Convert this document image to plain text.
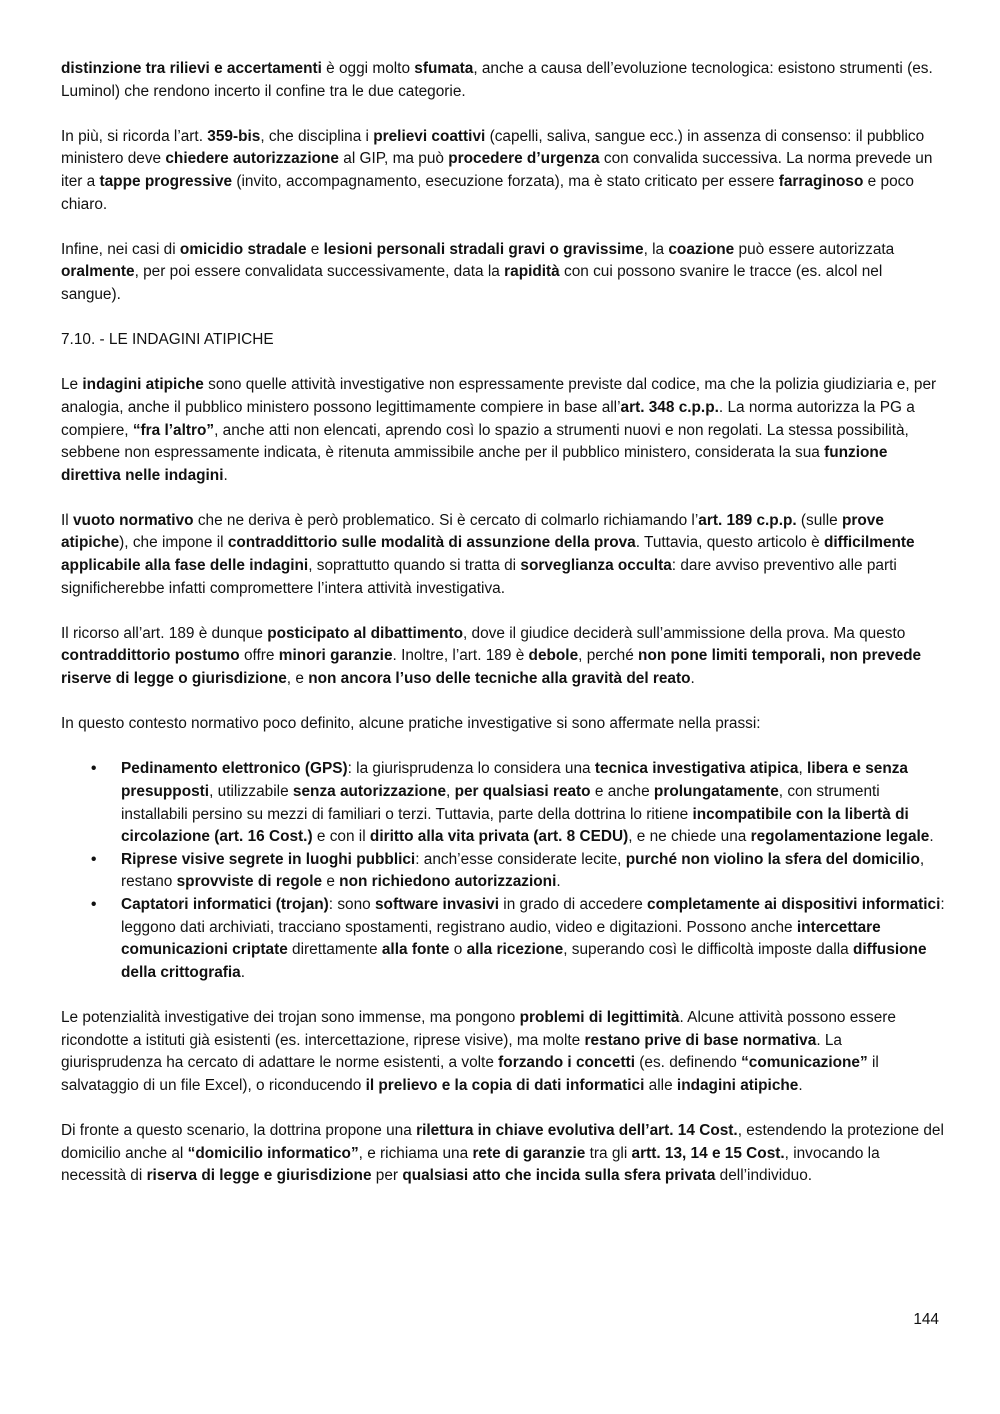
distinzione tra rilievi e accertamenti è oggi molto sfumata, anche a causa dell’evoluzione tecnologica: esistono strumenti (es. Luminol) che rendono incerto il confine tra le due categorie.

In più, si ricorda l’art. 359-bis, che disciplina i prelievi coattivi (capelli, saliva, sangue ecc.) in assenza di consenso: il pubblico ministero deve chiedere autorizzazione al GIP, ma può procedere d’urgenza con convalida successiva. La norma prevede un iter a tappe progressive (invito, accompagnamento, esecuzione forzata), ma è stato criticato per essere farraginoso e poco chiaro.

Infine, nei casi di omicidio stradale e lesioni personali stradali gravi o gravissime, la coazione può essere autorizzata oralmente, per poi essere convalidata successivamente, data la rapidità con cui possono svanire le tracce (es. alcol nel sangue).

7.10. - LE INDAGINI ATIPICHE

Le indagini atipiche sono quelle attività investigative non espressamente previste dal codice, ma che la polizia giudiziaria e, per analogia, anche il pubblico ministero possono legittimamente compiere in base all’art. 348 c.p.p.. La norma autorizza la PG a compiere, “fra l’altro”, anche atti non elencati, aprendo così lo spazio a strumenti nuovi e non regolati. La stessa possibilità, sebbene non espressamente indicata, è ritenuta ammissibile anche per il pubblico ministero, considerata la sua funzione direttiva nelle indagini.

Il vuoto normativo che ne deriva è però problematico. Si è cercato di colmarlo richiamando l’art. 189 c.p.p. (sulle prove atipiche), che impone il contraddittorio sulle modalità di assunzione della prova. Tuttavia, questo articolo è difficilmente applicabile alla fase delle indagini, soprattutto quando si tratta di sorveglianza occulta: dare avviso preventivo alle parti significherebbe infatti compromettere l’intera attività investigativa.

Il ricorso all’art. 189 è dunque posticipato al dibattimento, dove il giudice deciderà sull’ammissione della prova. Ma questo contraddittorio postumo offre minori garanzie. Inoltre, l’art. 189 è debole, perché non pone limiti temporali, non prevede riserve di legge o giurisdizione, e non ancora l’uso delle tecniche alla gravità del reato.

In questo contesto normativo poco definito, alcune pratiche investigative si sono affermate nella prassi:

• Pedinamento elettronico (GPS): la giurisprudenza lo considera una tecnica investigativa atipica, libera e senza presupposti, utilizzabile senza autorizzazione, per qualsiasi reato e anche prolungatamente, con strumenti installabili persino su mezzi di familiari o terzi. Tuttavia, parte della dottrina lo ritiene incompatibile con la libertà di circolazione (art. 16 Cost.) e con il diritto alla vita privata (art. 8 CEDU), e ne chiede una regolamentazione legale.
• Riprese visive segrete in luoghi pubblici: anch’esse considerate lecite, purché non violino la sfera del domicilio, restano sprovviste di regole e non richiedono autorizzazioni.
• Captatori informatici (trojan): sono software invasivi in grado di accedere completamente ai dispositivi informatici: leggono dati archiviati, tracciano spostamenti, registrano audio, video e digitazioni. Possono anche intercettare comunicazioni criptate direttamente alla fonte o alla ricezione, superando così le difficoltà imposte dalla diffusione della crittografia.

Le potenzialità investigative dei trojan sono immense, ma pongono problemi di legittimità. Alcune attività possono essere ricondotte a istituti già esistenti (es. intercettazione, riprese visive), ma molte restano prive di base normativa. La giurisprudenza ha cercato di adattare le norme esistenti, a volte forzando i concetti (es. definendo “comunicazione” il salvataggio di un file Excel), o riconducendo il prelievo e la copia di dati informatici alle indagini atipiche.

Di fronte a questo scenario, la dottrina propone una rilettura in chiave evolutiva dell’art. 14 Cost., estendendo la protezione del domicilio anche al “domicilio informatico”, e richiama una rete di garanzie tra gli artt. 13, 14 e 15 Cost., invocando la necessità di riserva di legge e giurisdizione per qualsiasi atto che incida sulla sfera privata dell’individuo.

144
